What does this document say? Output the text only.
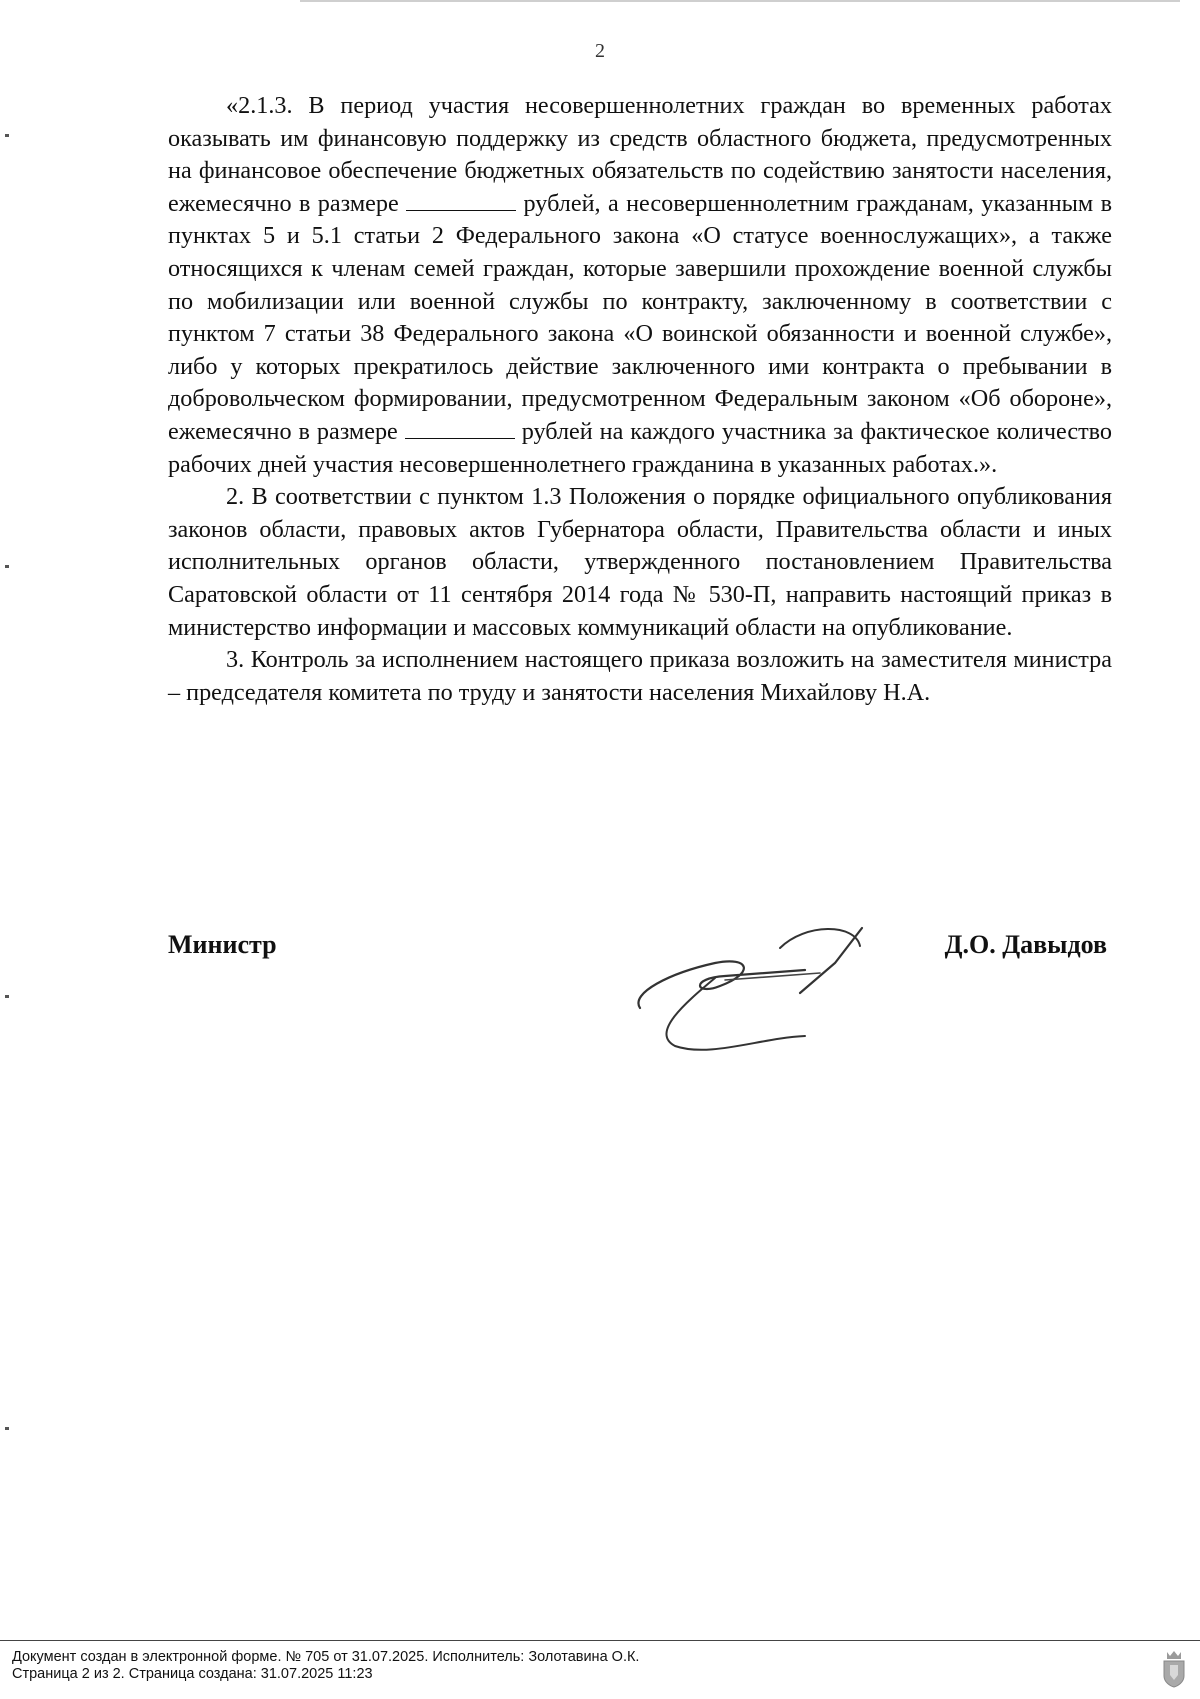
2

«2.1.3. В период участия несовершеннолетних граждан во временных работах оказывать им финансовую поддержку из средств областного бюджета, предусмотренных на финансовое обеспечение бюджетных обязательств по содействию занятости населения, ежемесячно в размере	рублей, а несовершеннолетним гражданам, указанным в пунктах 5 и 5.1 статьи 2 Федерального закона «О статусе военнослужащих», а также относящихся к членам семей граждан, которые завершили прохождение военной службы по мобилизации или военной службы по контракту, заключенному в соответствии с пунктом 7 статьи 38 Федерального закона «О воинской обязанности и военной службе», либо у которых прекратилось действие заключенного ими контракта о пребывании в добровольческом формировании, предусмотренном Федеральным законом «Об обороне», ежемесячно в размере	рублей на каждого участника за фактическое количество рабочих дней участия несовершеннолетнего гражданина в указанных работах.».

2. В соответствии с пунктом 1.3 Положения о порядке официального опубликования законов области, правовых актов Губернатора области, Правительства области и иных исполнительных органов области, утвержденного постановлением Правительства Саратовской области от 11 сентября 2014 года № 530-П, направить настоящий приказ в министерство информации и массовых коммуникаций области на опубликование.

3. Контроль за исполнением настоящего приказа возложить на заместителя министра – председателя комитета по труду и занятости населения Михайлову Н.А.

Министр	Д.О. Давыдов
Документ создан в электронной форме. № 705 от 31.07.2025. Исполнитель: Золотавина О.К.
Страница 2 из 2. Страница создана: 31.07.2025 11:23
